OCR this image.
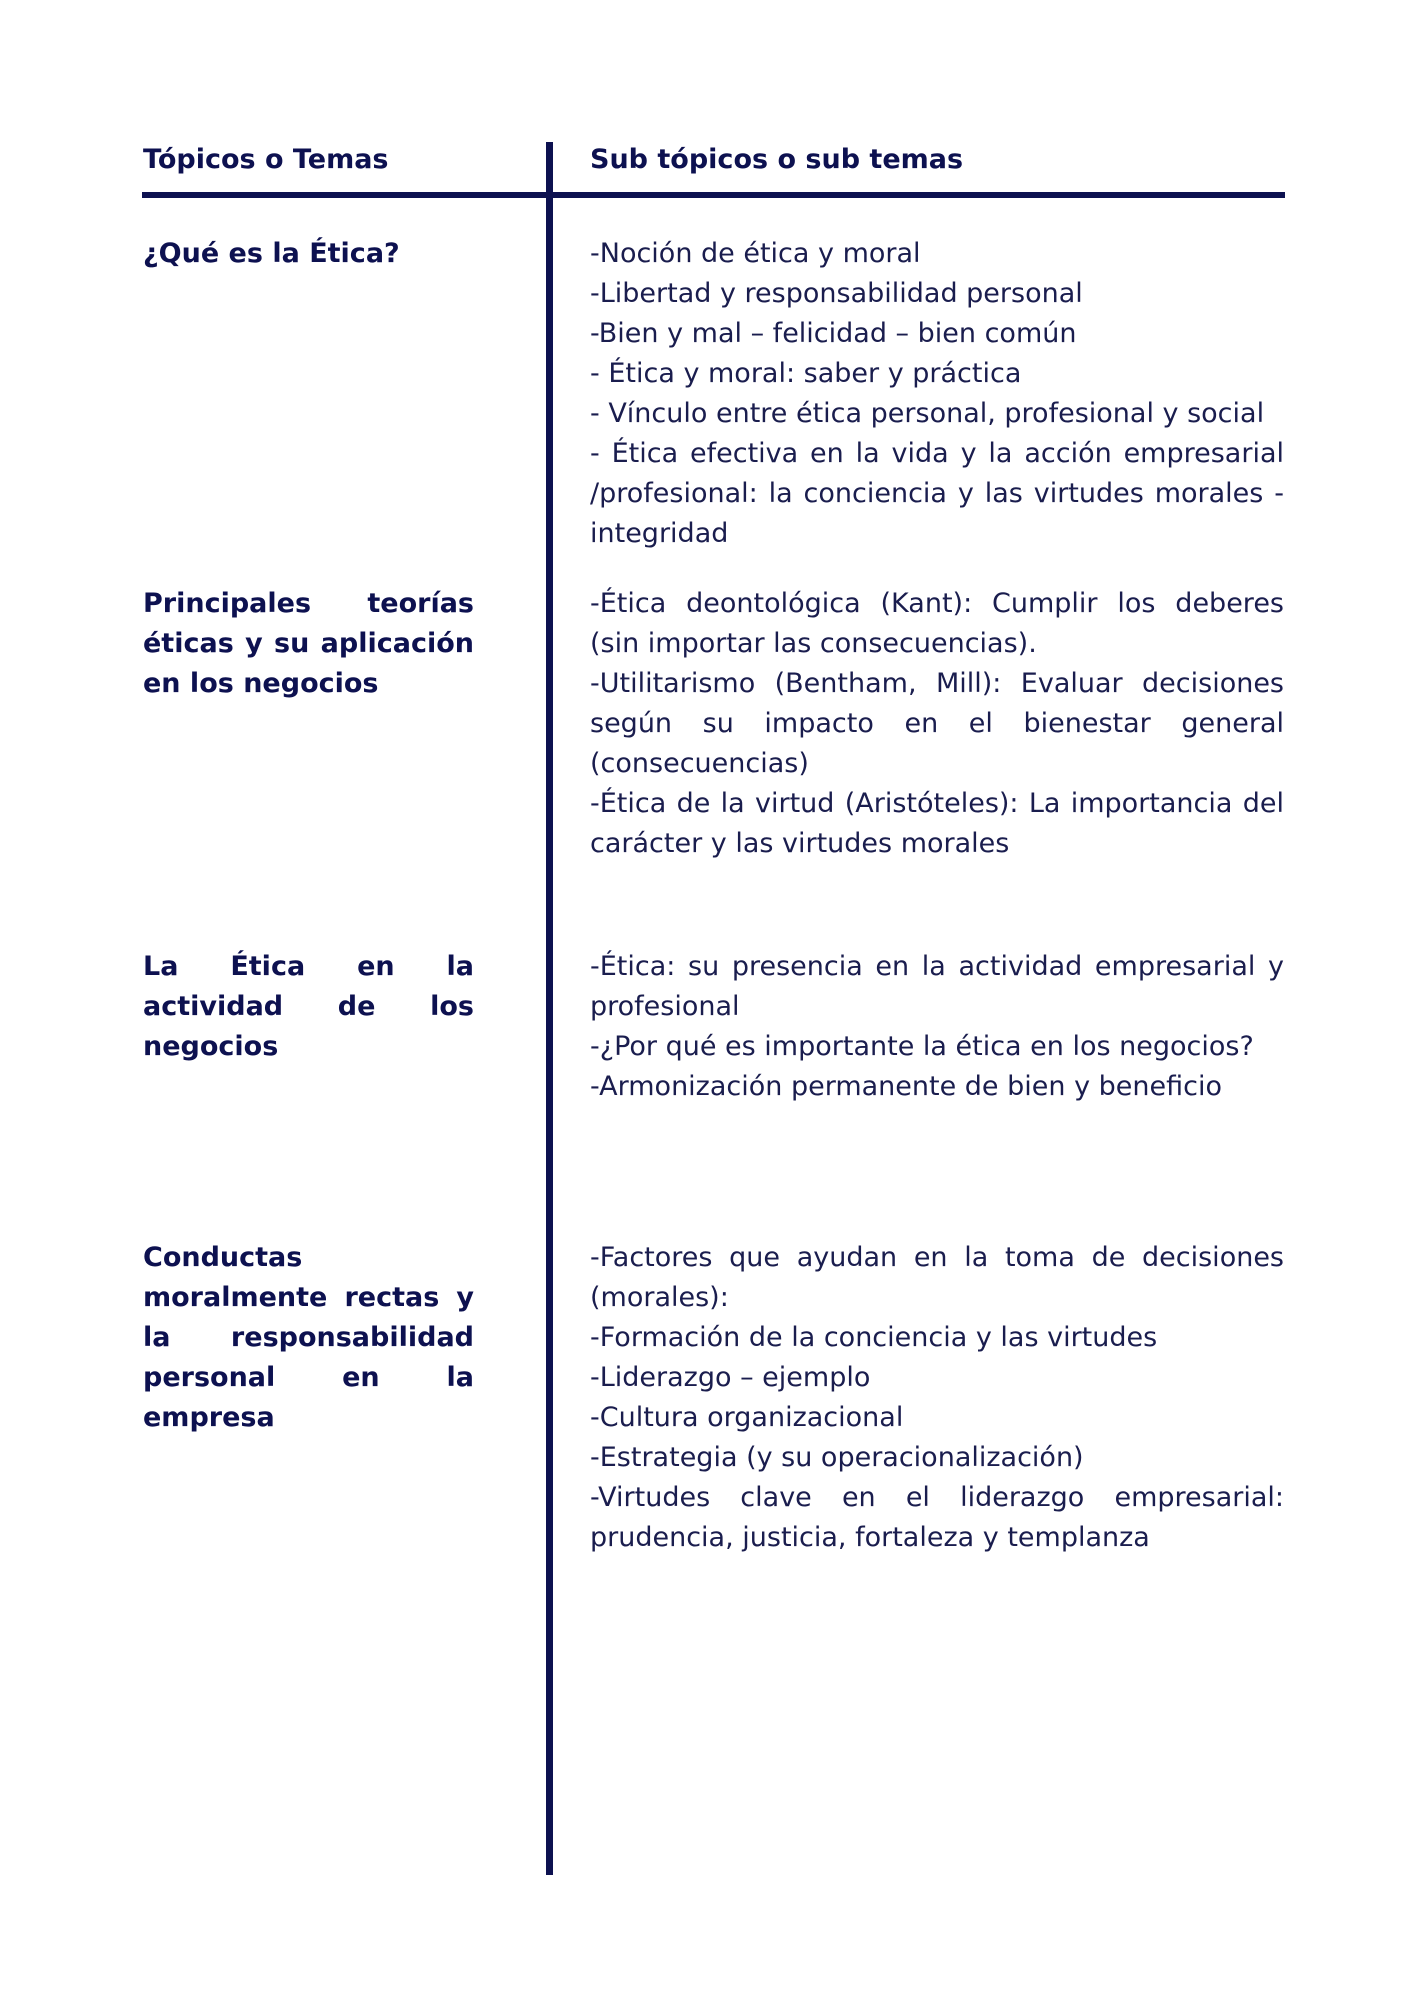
Tópicos o Temas	Sub tópicos o sub temas
¿Qué es la Ética?	-Noción de ética y moral
-Libertad y responsabilidad personal
-Bien y mal – felicidad – bien común
- Ética y moral: saber y práctica
- Vínculo entre ética personal, profesional y social
- Ética efectiva en la vida y la acción empresarial /profesional: la conciencia y las virtudes morales - integridad
Principales teorías éticas y su aplicación en los negocios
-Ética deontológica (Kant): Cumplir los deberes (sin importar las consecuencias).
-Utilitarismo (Bentham, Mill): Evaluar decisiones según su impacto en el bienestar general (consecuencias)
-Ética de la virtud (Aristóteles): La importancia del carácter y las virtudes morales
La Ética en la actividad de los negocios
-Ética: su presencia en la actividad empresarial y profesional
-¿Por qué es importante la ética en los negocios?
-Armonización permanente de bien y beneficio
Conductas moralmente rectas y la responsabilidad personal en la empresa
-Factores que ayudan en la toma de decisiones (morales):
-Formación de la conciencia y las virtudes
-Liderazgo – ejemplo
-Cultura organizacional
-Estrategia (y su operacionalización)
-Virtudes clave en el liderazgo empresarial: prudencia, justicia, fortaleza y templanza
